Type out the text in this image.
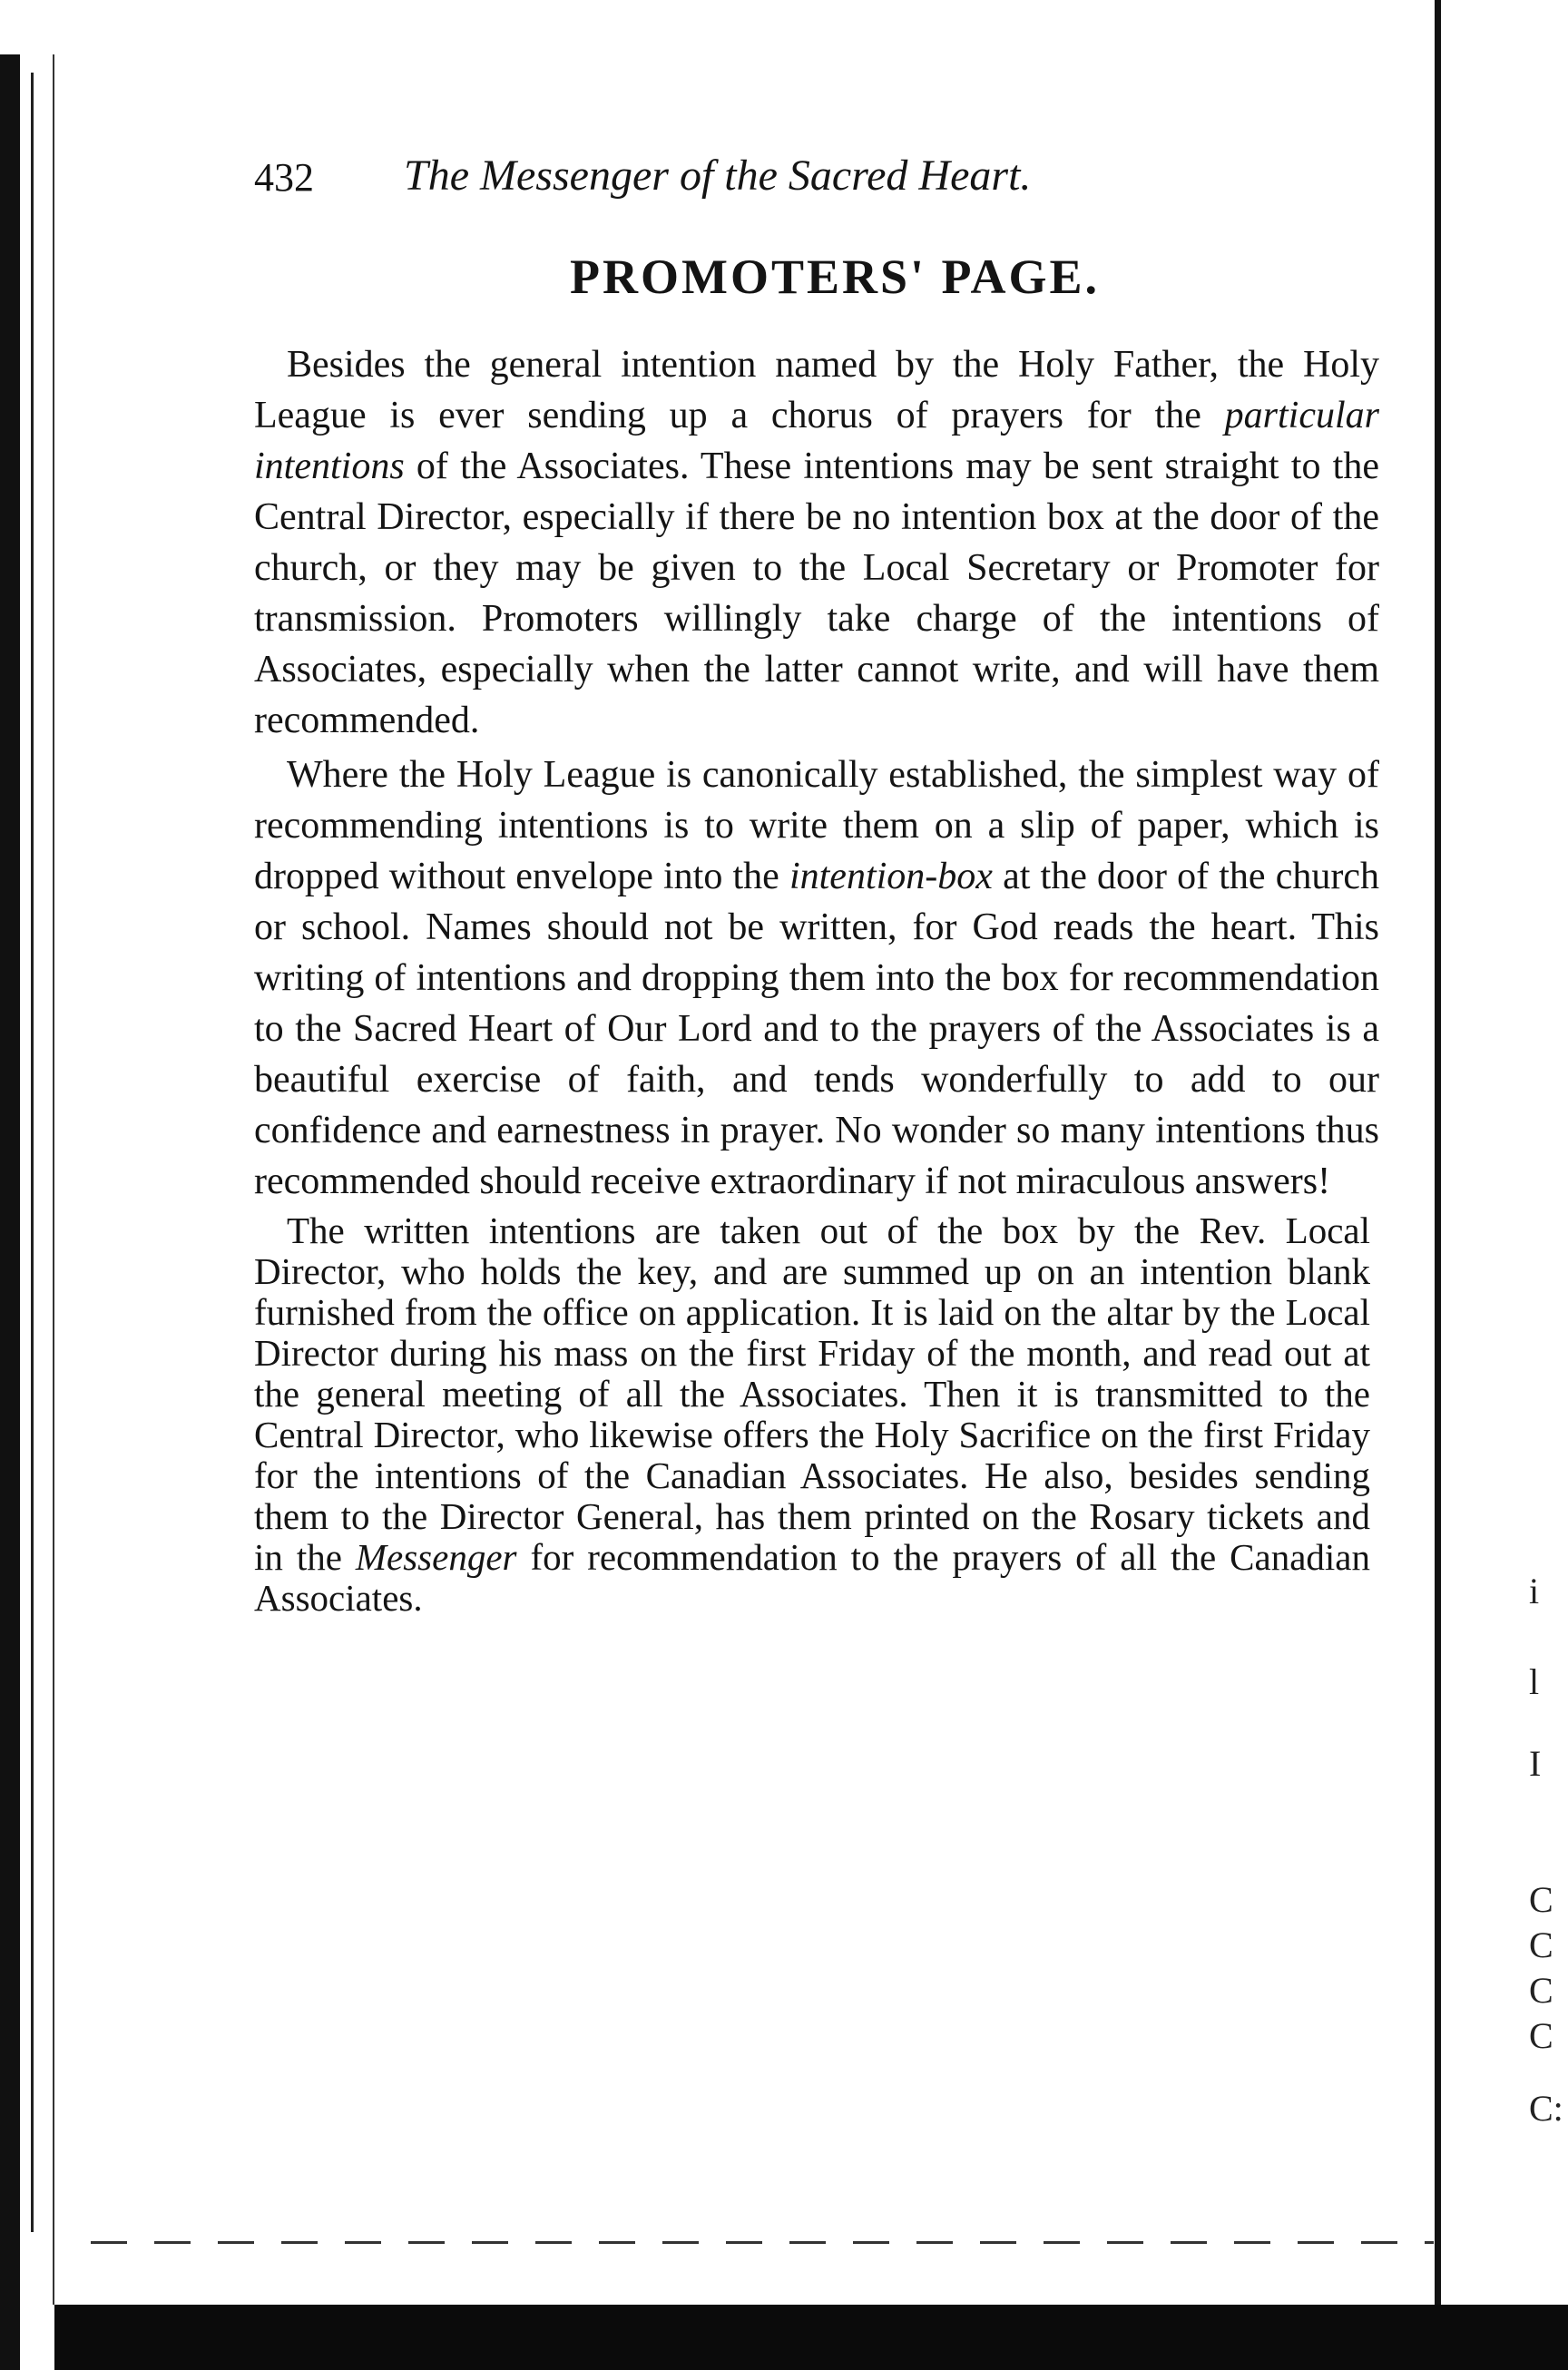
432 The Messenger of the Sacred Heart.
PROMOTERS' PAGE.

Besides the general intention named by the Holy Father, the Holy League is ever sending up a chorus of prayers for the particular intentions of the Associates. These intentions may be sent straight to the Central Director, especially if there be no intention box at the door of the church, or they may be given to the Local Secretary or Promoter for transmission. Promoters willingly take charge of the intentions of Associates, especially when the latter cannot write, and will have them recommended.

Where the Holy League is canonically established, the simplest way of recommending intentions is to write them on a slip of paper, which is dropped without envelope into the intention-box at the door of the church or school. Names should not be written, for God reads the heart. This writing of intentions and dropping them into the box for recommendation to the Sacred Heart of Our Lord and to the prayers of the Associates is a beautiful exercise of faith, and tends wonderfully to add to our confidence and earnestness in prayer. No wonder so many intentions thus recommended should receive extraordinary if not miraculous answers!

The written intentions are taken out of the box by the Rev. Local Director, who holds the key, and are summed up on an intention blank furnished from the office on application. It is laid on the altar by the Local Director during his mass on the first Friday of the month, and read out at the general meeting of all the Associates. Then it is transmitted to the Central Director, who likewise offers the Holy Sacrifice on the first Friday for the intentions of the Canadian Associates. He also, besides sending them to the Director General, has them printed on the Rosary tickets and in the Messenger for recommendation to the prayers of all the Canadian Associates.	i
l
I
C
C
C
C
C:
